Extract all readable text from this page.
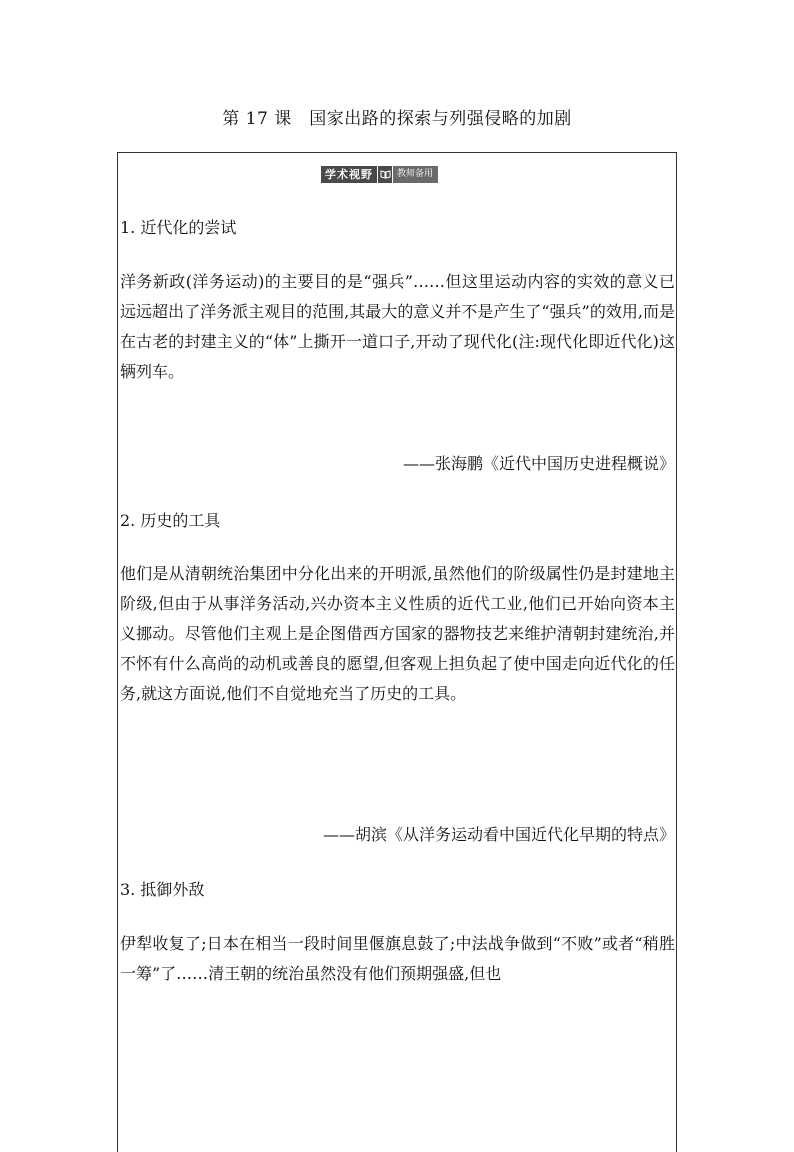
第 17 课　国家出路的探索与列强侵略的加剧
学术视野	教师备用
1. 近代化的尝试
洋务新政(洋务运动)的主要目的是“强兵”……但这里运动内容的实效的意义已远远超出了洋务派主观目的范围,其最大的意义并不是产生了“强兵”的效用,而是在古老的封建主义的“体”上撕开一道口子,开动了现代化(注:现代化即近代化)这辆列车。
——张海鹏《近代中国历史进程概说》
2. 历史的工具
他们是从清朝统治集团中分化出来的开明派,虽然他们的阶级属性仍是封建地主阶级,但由于从事洋务活动,兴办资本主义性质的近代工业,他们已开始向资本主义挪动。尽管他们主观上是企图借西方国家的器物技艺来维护清朝封建统治,并不怀有什么高尚的动机或善良的愿望,但客观上担负起了使中国走向近代化的任务,就这方面说,他们不自觉地充当了历史的工具。
——胡滨《从洋务运动看中国近代化早期的特点》
3. 抵御外敌
伊犁收复了;日本在相当一段时间里偃旗息鼓了;中法战争做到“不败”或者“稍胜一筹”了……清王朝的统治虽然没有他们预期强盛,但也
